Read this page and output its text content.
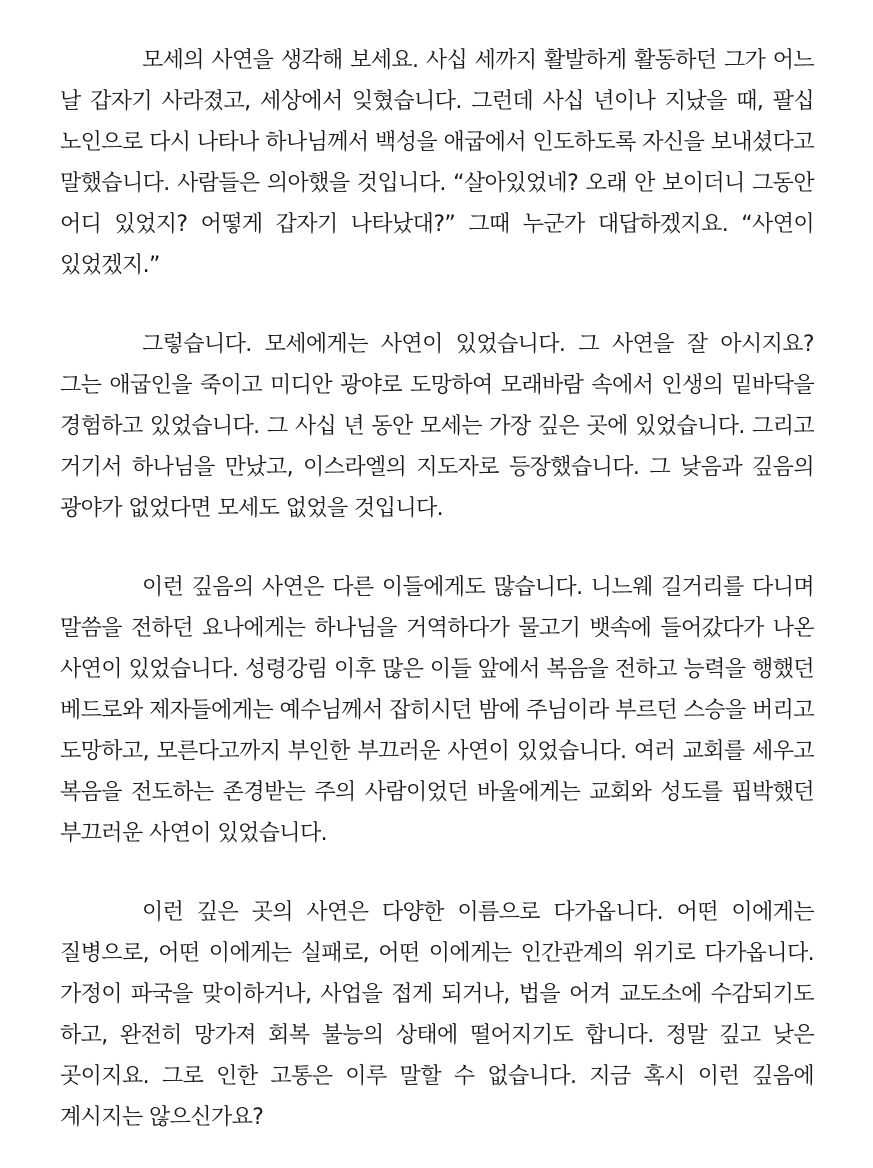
모세의 사연을 생각해 보세요. 사십 세까지 활발하게 활동하던 그가 어느 날 갑자기 사라졌고, 세상에서 잊혔습니다. 그런데 사십 년이나 지났을 때, 팔십 노인으로 다시 나타나 하나님께서 백성을 애굽에서 인도하도록 자신을 보내셨다고 말했습니다. 사람들은 의아했을 것입니다. “살아있었네? 오래 안 보이더니 그동안 어디 있었지? 어떻게 갑자기 나타났대?” 그때 누군가 대답하겠지요. “사연이 있었겠지.”

그렇습니다. 모세에게는 사연이 있었습니다. 그 사연을 잘 아시지요? 그는 애굽인을 죽이고 미디안 광야로 도망하여 모래바람 속에서 인생의 밑바닥을 경험하고 있었습니다. 그 사십 년 동안 모세는 가장 깊은 곳에 있었습니다. 그리고 거기서 하나님을 만났고, 이스라엘의 지도자로 등장했습니다. 그 낮음과 깊음의 광야가 없었다면 모세도 없었을 것입니다.

이런 깊음의 사연은 다른 이들에게도 많습니다. 니느웨 길거리를 다니며 말씀을 전하던 요나에게는 하나님을 거역하다가 물고기 뱃속에 들어갔다가 나온 사연이 있었습니다. 성령강림 이후 많은 이들 앞에서 복음을 전하고 능력을 행했던 베드로와 제자들에게는 예수님께서 잡히시던 밤에 주님이라 부르던 스승을 버리고 도망하고, 모른다고까지 부인한 부끄러운 사연이 있었습니다. 여러 교회를 세우고 복음을 전도하는 존경받는 주의 사람이었던 바울에게는 교회와 성도를 핍박했던 부끄러운 사연이 있었습니다.

이런 깊은 곳의 사연은 다양한 이름으로 다가옵니다. 어떤 이에게는 질병으로, 어떤 이에게는 실패로, 어떤 이에게는 인간관계의 위기로 다가옵니다. 가정이 파국을 맞이하거나, 사업을 접게 되거나, 법을 어겨 교도소에 수감되기도 하고, 완전히 망가져 회복 불능의 상태에 떨어지기도 합니다. 정말 깊고 낮은 곳이지요. 그로 인한 고통은 이루 말할 수 없습니다. 지금 혹시 이런 깊음에 계시지는 않으신가요?
